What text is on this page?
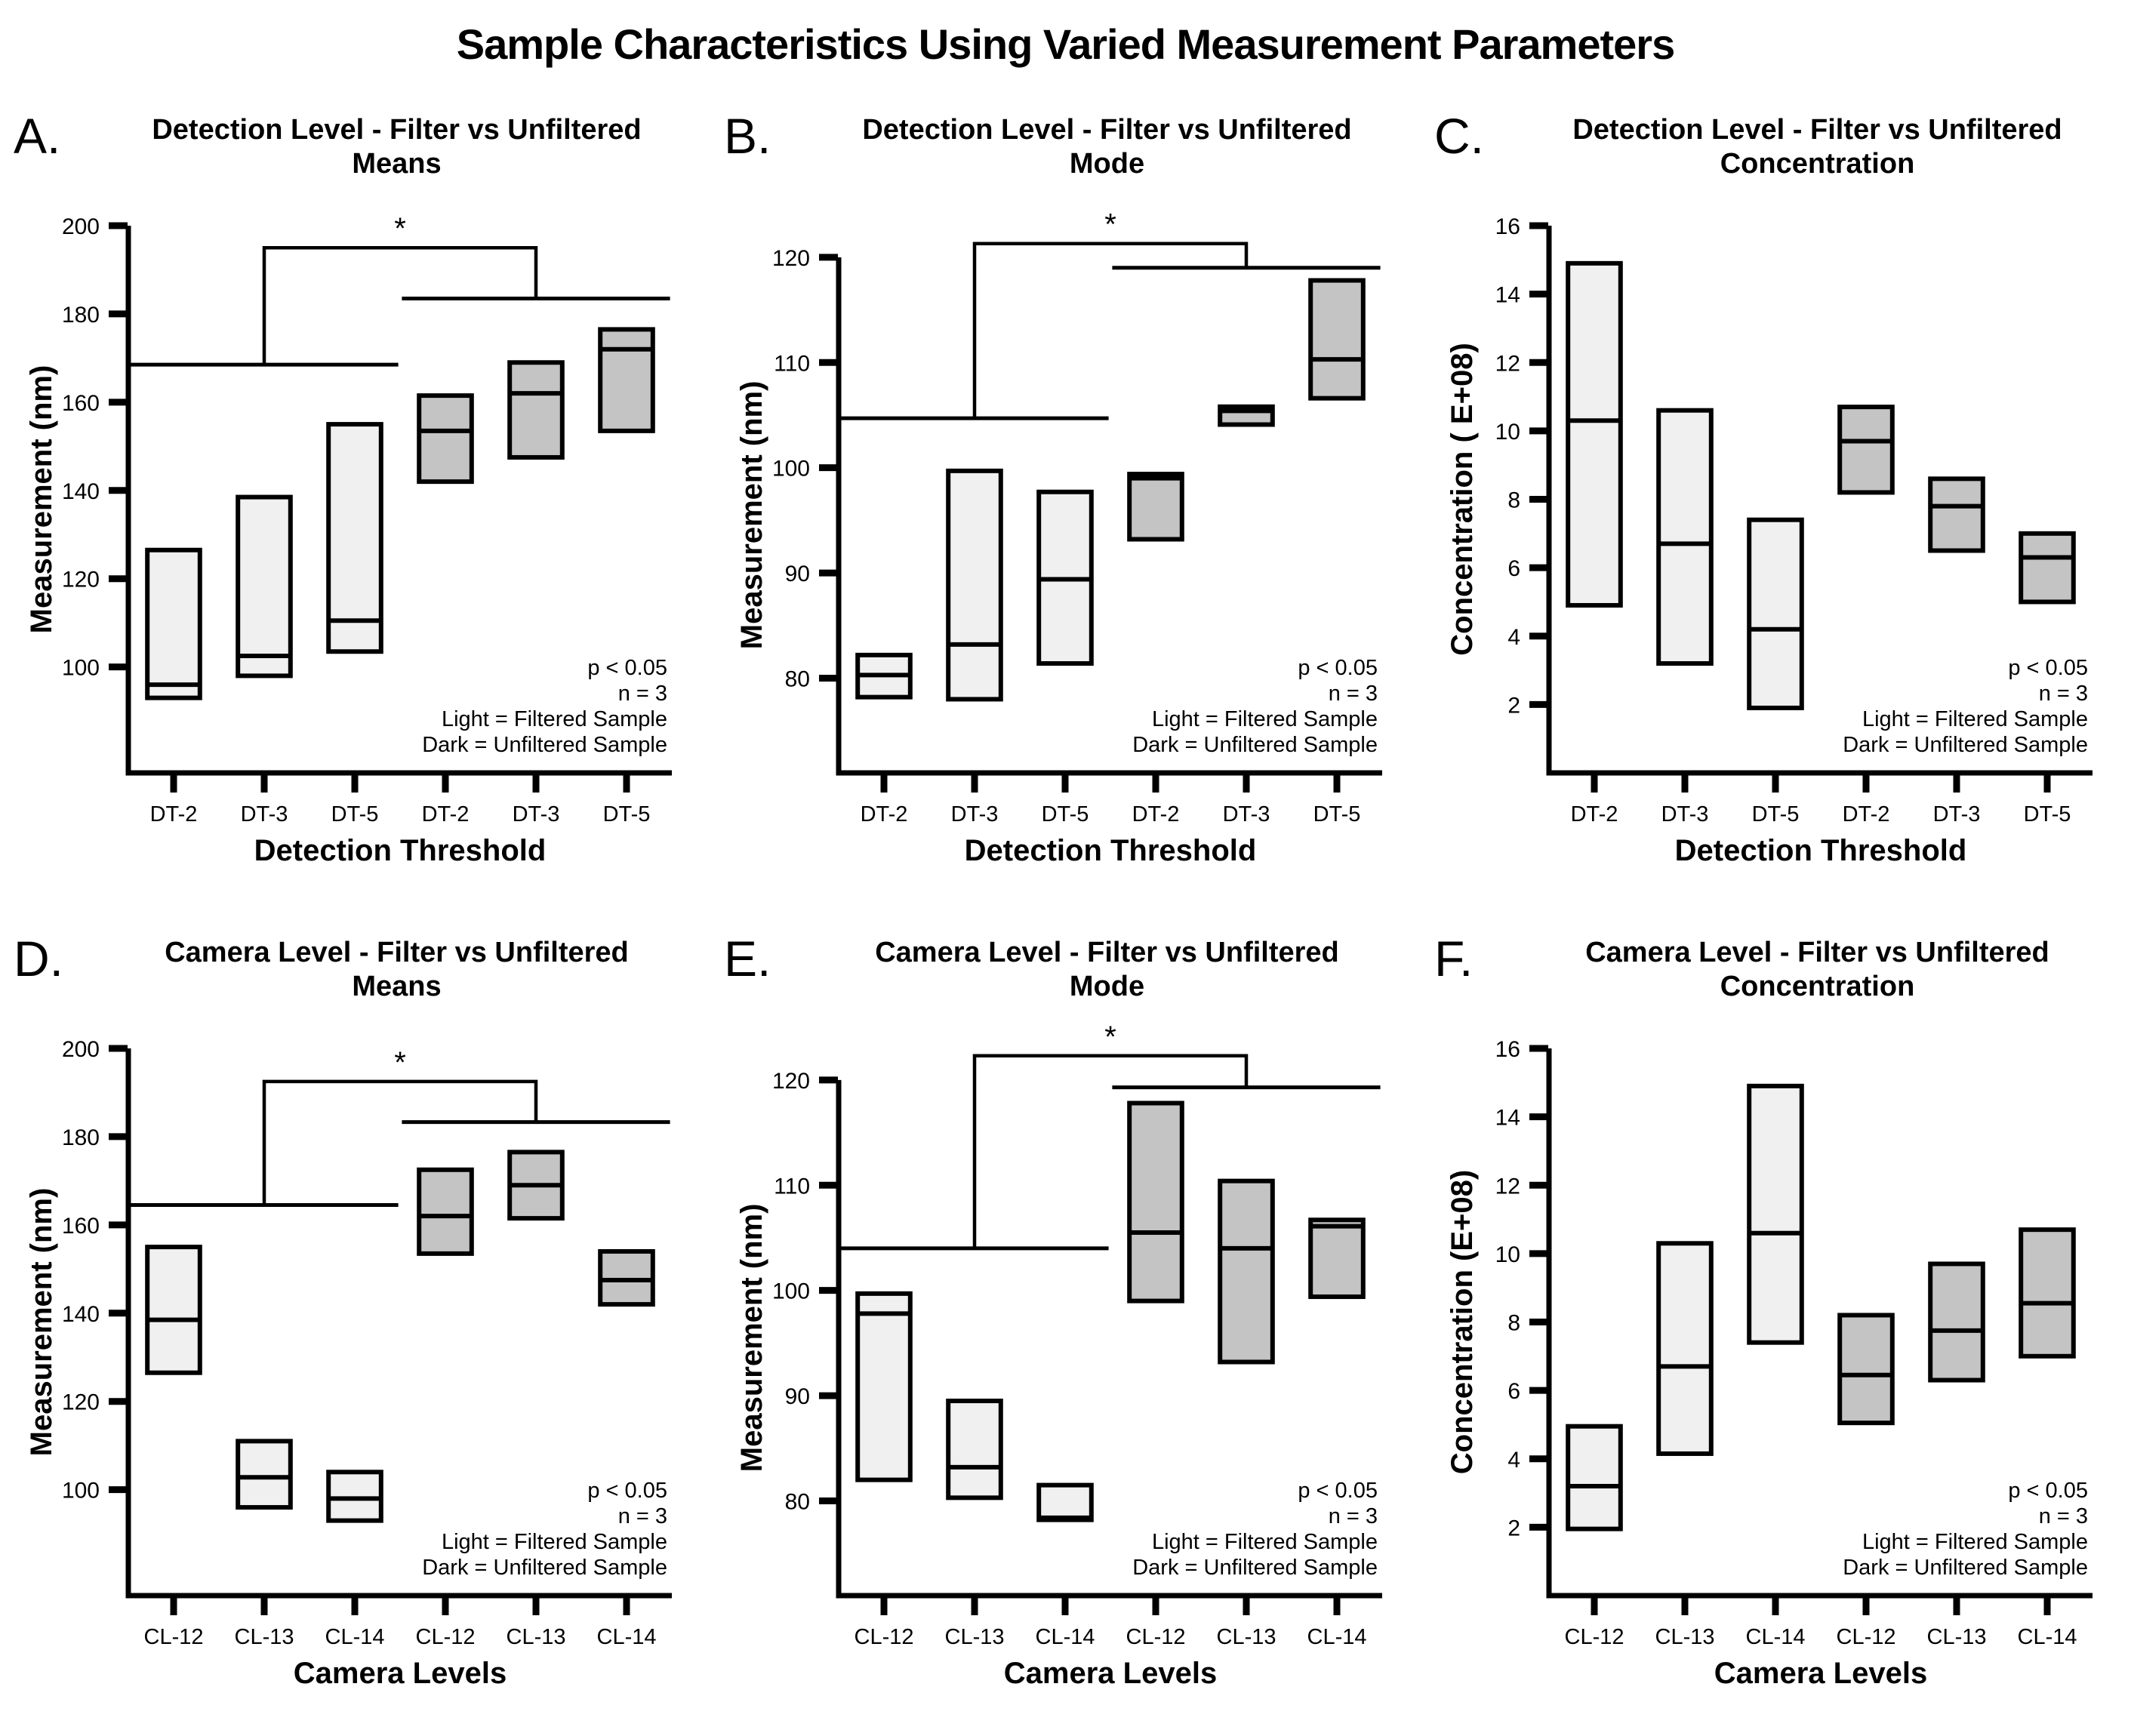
Sample Characteristics Using Varied Measurement Parameters
A.	Detection Level - Filter vs Unfiltered
Means
*
100
120
140
160
180
200
DT-2 DT-3 DT-5 DT-2 DT-3 DT-5
Measurement (nm)
Detection Threshold
p < 0.05
n = 3
Light = Filtered Sample
Dark = Unfiltered Sample
B.	Detection Level - Filter vs Unfiltered
Mode
*
80
90
100
110
120
DT-2 DT-3 DT-5 DT-2 DT-3 DT-5
Measurement (nm)
Detection Threshold
p < 0.05
n = 3
Light = Filtered Sample
Dark = Unfiltered Sample
C.	Detection Level - Filter vs Unfiltered
Concentration
2
4
6
8
10
12
14
16
DT-2 DT-3 DT-5 DT-2 DT-3 DT-5
Concentration ( E+08)
Detection Threshold
p < 0.05
n = 3
Light = Filtered Sample
Dark = Unfiltered Sample
D.	Camera Level - Filter vs Unfiltered
Means
*
100
120
140
160
180
200
CL-12 CL-13 CL-14 CL-12 CL-13 CL-14
Measurement (nm)
Camera Levels
p < 0.05
n = 3
Light = Filtered Sample
Dark = Unfiltered Sample
E.	Camera Level - Filter vs Unfiltered
Mode
*
80
90
100
110
120
CL-12 CL-13 CL-14 CL-12 CL-13 CL-14
Measurement (nm)
Camera Levels
p < 0.05
n = 3
Light = Filtered Sample
Dark = Unfiltered Sample
F.	Camera Level - Filter vs Unfiltered
Concentration
2
4
6
8
10
12
14
16
CL-12 CL-13 CL-14 CL-12 CL-13 CL-14
Concentration (E+08)
Camera Levels
p < 0.05
n = 3
Light = Filtered Sample
Dark = Unfiltered Sample
